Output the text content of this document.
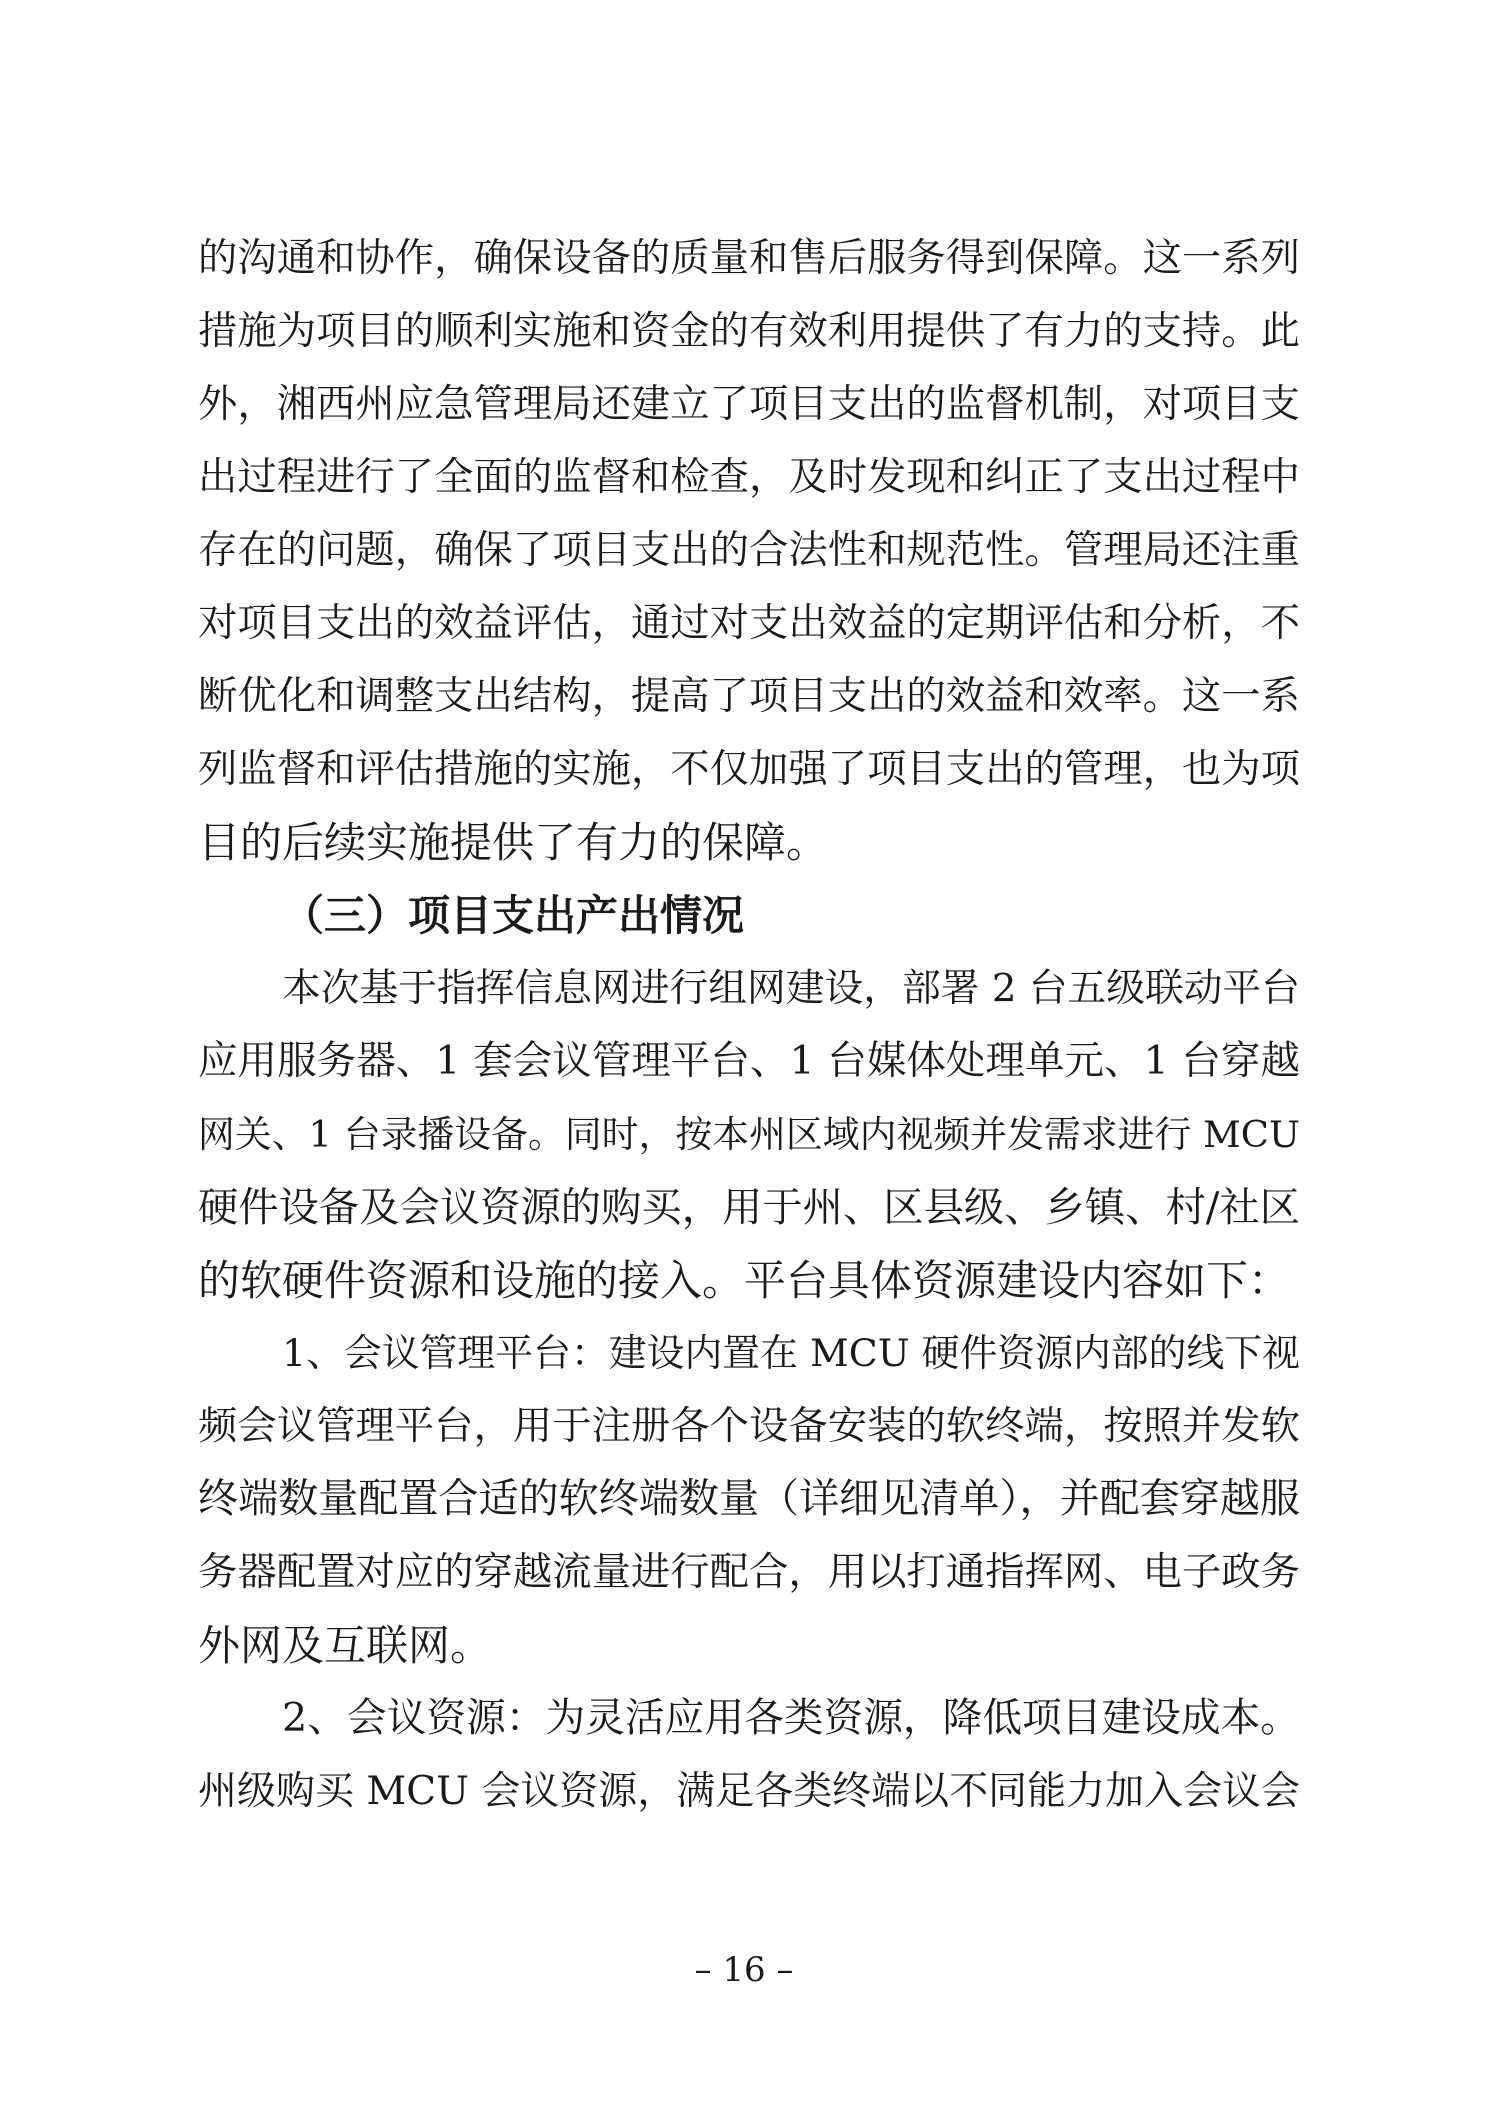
的沟通和协作，确保设备的质量和售后服务得到保障。这一系列
措施为项目的顺利实施和资金的有效利用提供了有力的支持。此
外，湘西州应急管理局还建立了项目支出的监督机制，对项目支
出过程进行了全面的监督和检查，及时发现和纠正了支出过程中
存在的问题，确保了项目支出的合法性和规范性。管理局还注重
对项目支出的效益评估，通过对支出效益的定期评估和分析，不
断优化和调整支出结构，提高了项目支出的效益和效率。这一系
列监督和评估措施的实施，不仅加强了项目支出的管理，也为项
目的后续实施提供了有力的保障。
（三）项目支出产出情况
本次基于指挥信息网进行组网建设，部署 2 台五级联动平台
应用服务器、1 套会议管理平台、1 台媒体处理单元、1 台穿越
网关、1 台录播设备。同时，按本州区域内视频并发需求进行 MCU
硬件设备及会议资源的购买，用于州、区县级、乡镇、村/社区
的软硬件资源和设施的接入。平台具体资源建设内容如下：
1、会议管理平台：建设内置在 MCU 硬件资源内部的线下视
频会议管理平台，用于注册各个设备安装的软终端，按照并发软
终端数量配置合适的软终端数量（详细见清单），并配套穿越服
务器配置对应的穿越流量进行配合，用以打通指挥网、电子政务
外网及互联网。
2、会议资源：为灵活应用各类资源，降低项目建设成本。
州级购买 MCU 会议资源，满足各类终端以不同能力加入会议会
– 16 –
